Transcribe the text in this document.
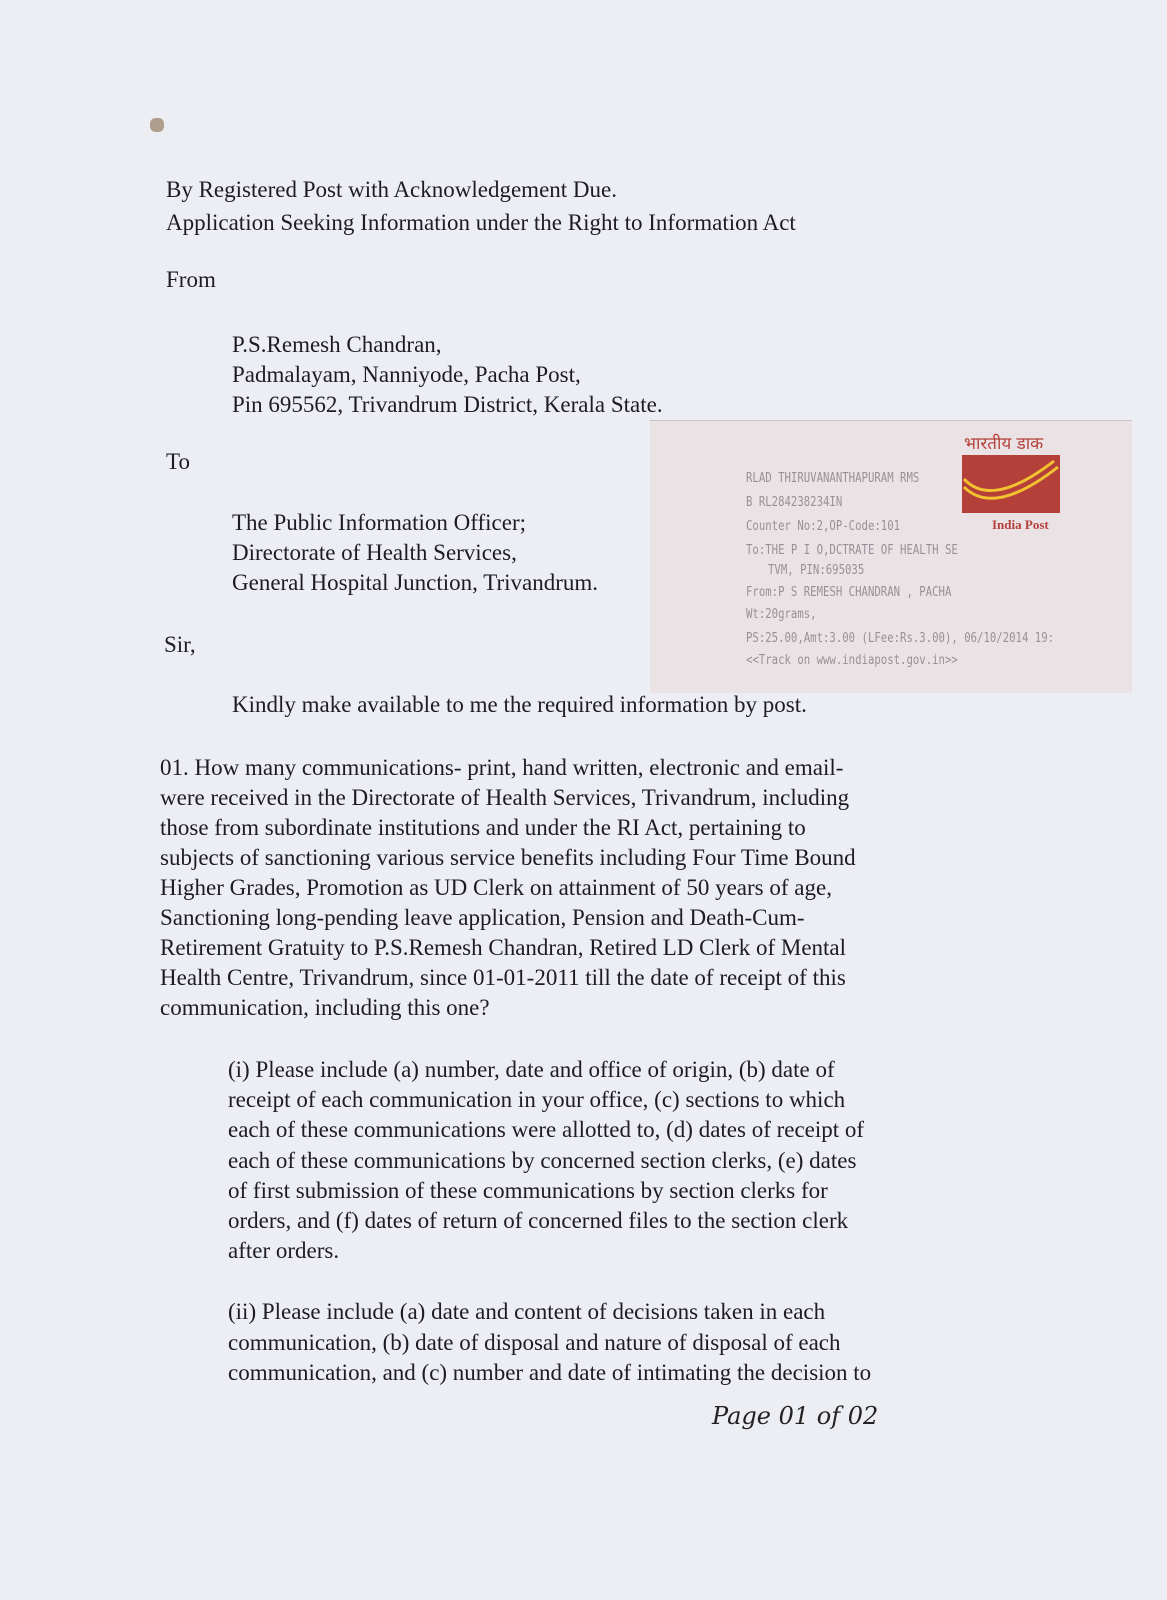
भारतीय डाक
India Post
RLAD THIRUVANANTHAPURAM RMS
B RL284238234IN
Counter No:2,OP-Code:101
To:THE P I O,DCTRATE OF HEALTH SE
TVM, PIN:695035
From:P S REMESH CHANDRAN , PACHA
Wt:20grams,
PS:25.00,Amt:3.00 (LFee:Rs.3.00), 06/10/2014 19:
<<Track on www.indiapost.gov.in>>
Page 01 of 02
By Registered Post with Acknowledgement Due.
Application Seeking Information under the Right to Information Act
From
P.S.Remesh Chandran,
Padmalayam, Nanniyode, Pacha Post,
Pin 695562, Trivandrum District, Kerala State.
To
The Public Information Officer;
Directorate of Health Services,
General Hospital Junction, Trivandrum.
Sir,
Kindly make available to me the required information by post.
01. How many communications- print, hand written, electronic and email-
were received in the Directorate of Health Services, Trivandrum, including
those from subordinate institutions and under the RI Act, pertaining to
subjects of sanctioning various service benefits including Four Time Bound
Higher Grades, Promotion as UD Clerk on attainment of 50 years of age,
Sanctioning long-pending leave application, Pension and Death-Cum-
Retirement Gratuity to P.S.Remesh Chandran, Retired LD Clerk of Mental
Health Centre, Trivandrum, since 01-01-2011 till the date of receipt of this
communication, including this one?
(i) Please include (a) number, date and office of origin, (b) date of
receipt of each communication in your office, (c) sections to which
each of these communications were allotted to, (d) dates of receipt of
each of these communications by concerned section clerks, (e) dates
of first submission of these communications by section clerks for
orders, and (f) dates of return of concerned files to the section clerk
after orders.
(ii) Please include (a) date and content of decisions taken in each
communication, (b) date of disposal and nature of disposal of each
communication, and (c) number and date of intimating the decision to
